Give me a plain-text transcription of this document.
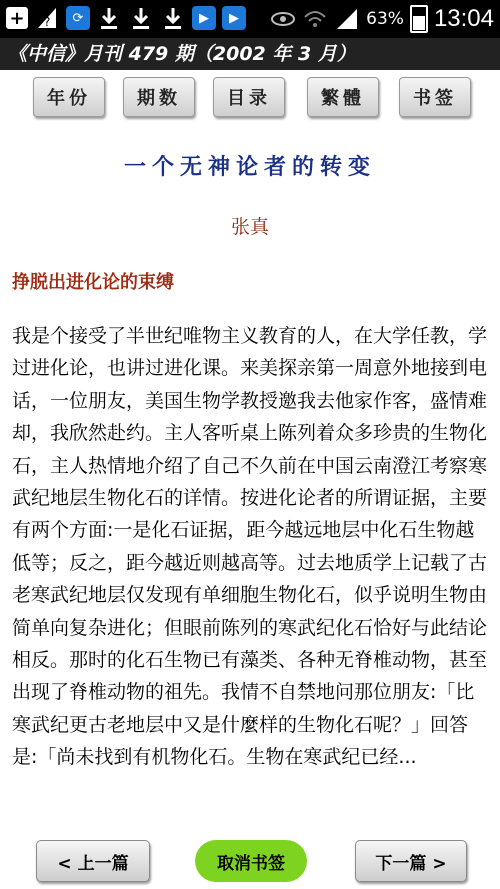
+ ?	⟳	▶	▶	63% 13:04
《中信》月刊 479 期（2002 年 3 月）
年份	期数	目录	繁體	书签
一个无神论者的转变
张真
挣脱出进化论的束缚
我是个接受了半世纪唯物主义教育的人，在大学任教，学过进化论，也讲过进化课。来美探亲第一周意外地接到电话，一位朋友，美国生物学教授邀我去他家作客，盛情难却，我欣然赴约。主人客听桌上陈列着众多珍贵的生物化石，主人热情地介绍了自己不久前在中国云南澄江考察寒武纪地层生物化石的详情。按进化论者的所谓证据，主要有两个方面:一是化石证据，距今越远地层中化石生物越低等；反之，距今越近则越高等。过去地质学上记载了古老寒武纪地层仅发现有单细胞生物化石，似乎说明生物由简单向复杂进化；但眼前陈列的寒武纪化石恰好与此结论相反。那时的化石生物已有藻类、各种无脊椎动物，甚至出现了脊椎动物的祖先。我情不自禁地问那位朋友:「比寒武纪更古老地层中又是什麼样的生物化石呢？」回答是:「尚未找到有机物化石。生物在寒武纪已经...
< 上一篇	取消书签	下一篇 >
